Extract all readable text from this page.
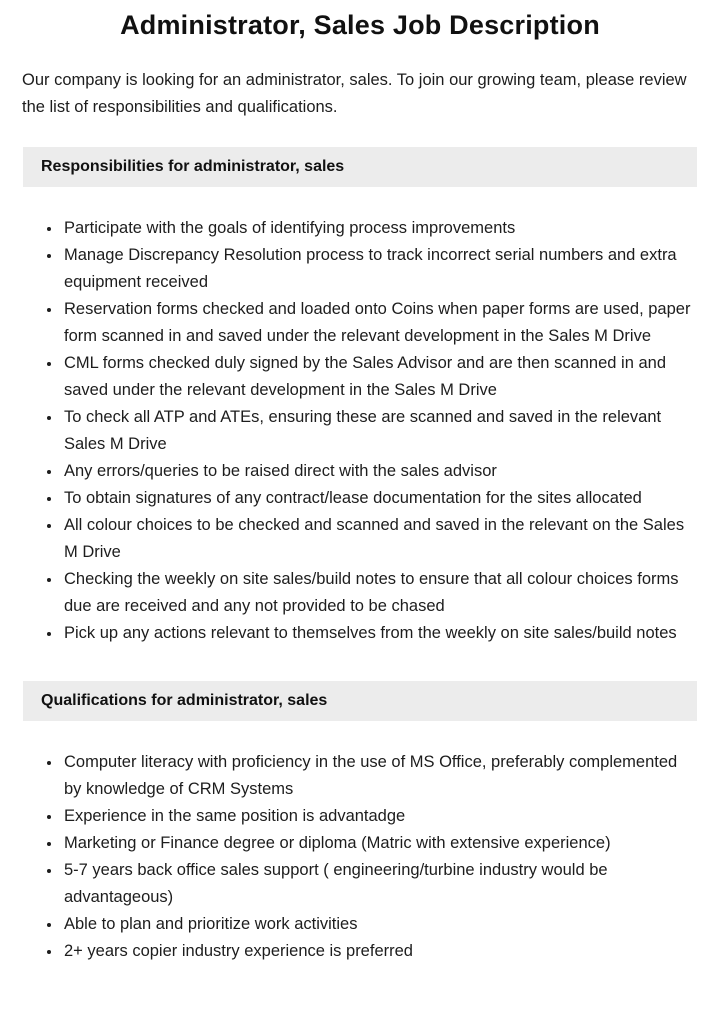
Administrator, Sales Job Description

Our company is looking for an administrator, sales. To join our growing team, please review the list of responsibilities and qualifications.

Responsibilities for administrator, sales
• Participate with the goals of identifying process improvements
• Manage Discrepancy Resolution process to track incorrect serial numbers and extra equipment received
• Reservation forms checked and loaded onto Coins when paper forms are used, paper form scanned in and saved under the relevant development in the Sales M Drive
• CML forms checked duly signed by the Sales Advisor and are then scanned in and saved under the relevant development in the Sales M Drive
• To check all ATP and ATEs, ensuring these are scanned and saved in the relevant Sales M Drive
• Any errors/queries to be raised direct with the sales advisor
• To obtain signatures of any contract/lease documentation for the sites allocated
• All colour choices to be checked and scanned and saved in the relevant on the Sales M Drive
• Checking the weekly on site sales/build notes to ensure that all colour choices forms due are received and any not provided to be chased
• Pick up any actions relevant to themselves from the weekly on site sales/build notes
Qualifications for administrator, sales
• Computer literacy with proficiency in the use of MS Office, preferably complemented by knowledge of CRM Systems
• Experience in the same position is advantadge
• Marketing or Finance degree or diploma (Matric with extensive experience)
• 5-7 years back office sales support ( engineering/turbine industry would be advantageous)
• Able to plan and prioritize work activities
• 2+ years copier industry experience is preferred
